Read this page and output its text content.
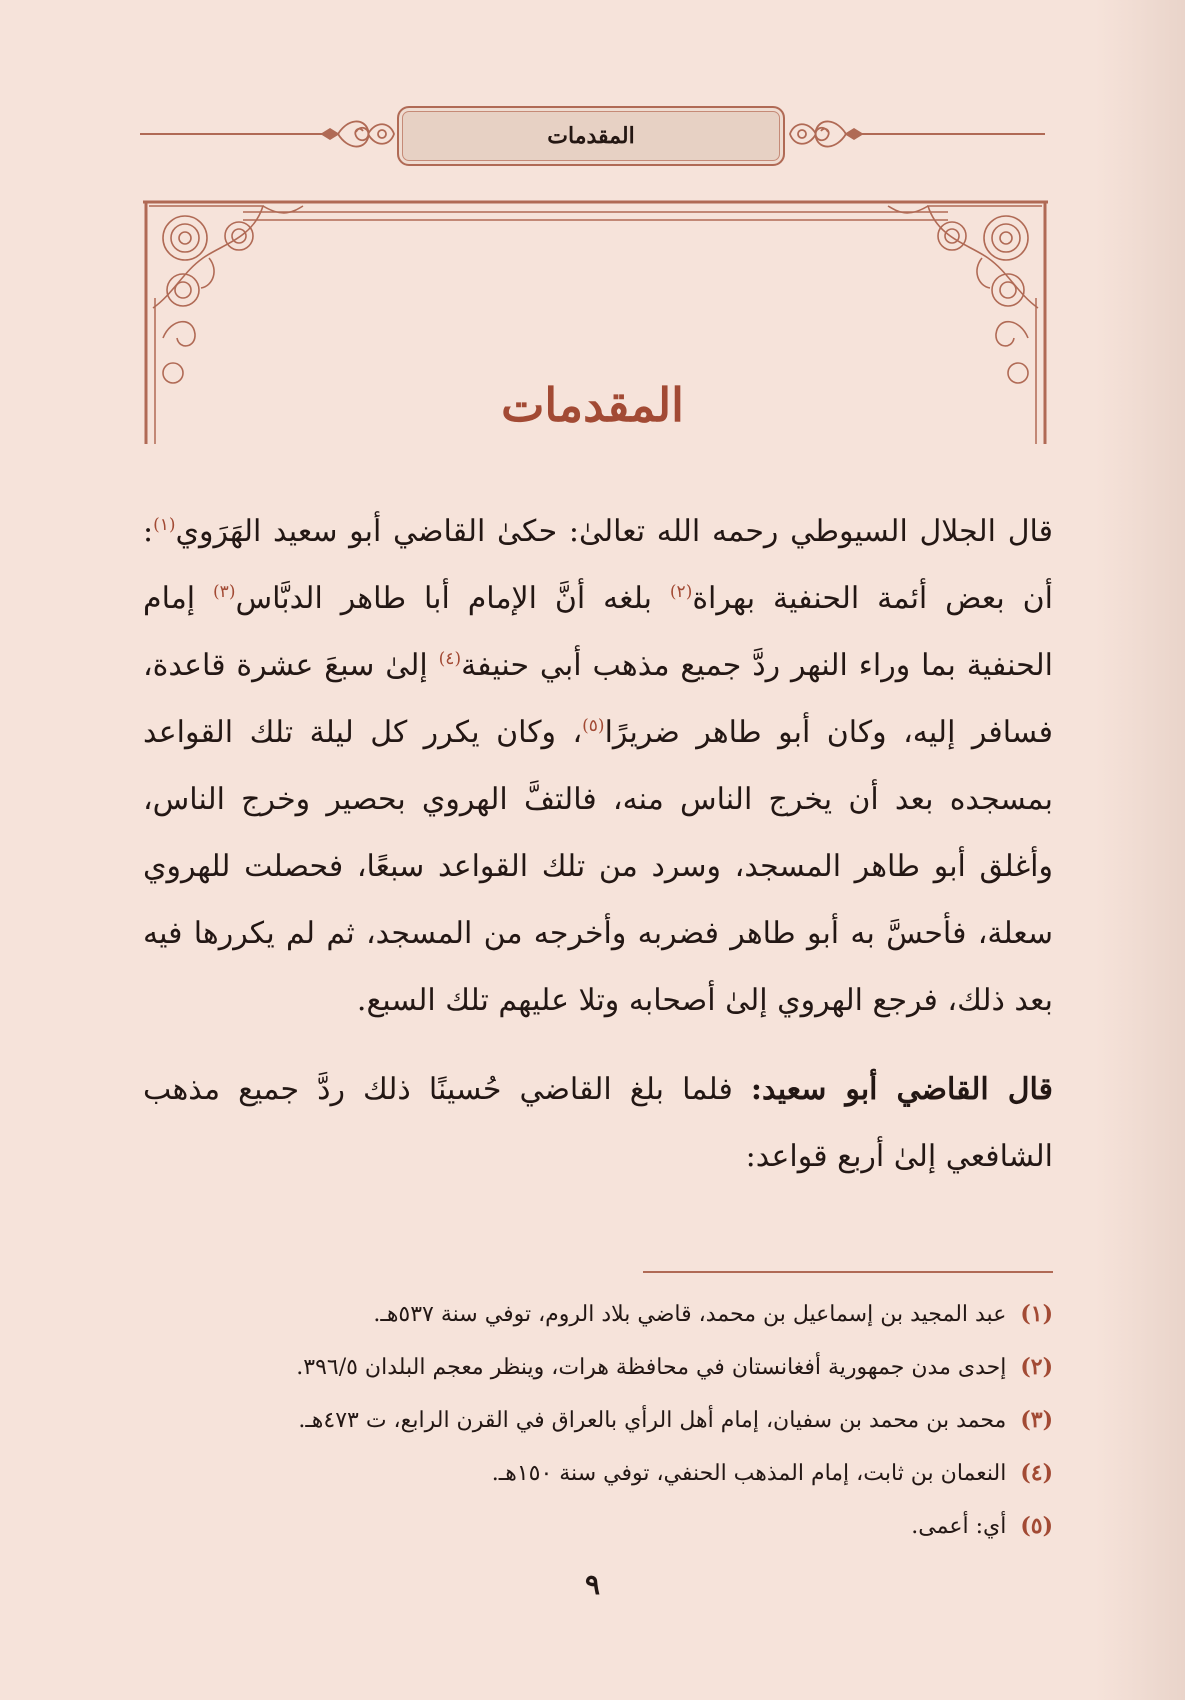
المقدمات
المقدمات

قال الجلال السيوطي رحمه الله تعالىٰ: حكىٰ القاضي أبو سعيد الهَرَوي$^{(١)}$: أن بعض أئمة الحنفية بهراة$^{(٢)}$ بلغه أنَّ الإمام أبا طاهر الدبَّاس$^{(٣)}$ إمام الحنفية بما وراء النهر ردَّ جميع مذهب أبي حنيفة$^{(٤)}$ إلىٰ سبعَ عشرة قاعدة، فسافر إليه، وكان أبو طاهر ضريرًا$^{(٥)}$، وكان يكرر كل ليلة تلك القواعد بمسجده بعد أن يخرج الناس منه، فالتفَّ الهروي بحصير وخرج الناس، وأغلق أبو طاهر المسجد، وسرد من تلك القواعد سبعًا، فحصلت للهروي سعلة، فأحسَّ به أبو طاهر فضربه وأخرجه من المسجد، ثم لم يكررها فيه بعد ذلك، فرجع الهروي إلىٰ أصحابه وتلا عليهم تلك السبع.

قال القاضي أبو سعيد: فلما بلغ القاضي حُسينًا ذلك ردَّ جميع مذهب الشافعي إلىٰ أربع قواعد:

(١)عبد المجيد بن إسماعيل بن محمد، قاضي بلاد الروم، توفي سنة ٥٣٧هـ.
(٢)إحدى مدن جمهورية أفغانستان في محافظة هرات، وينظر معجم البلدان ٣٩٦/٥.
(٣)محمد بن محمد بن سفيان، إمام أهل الرأي بالعراق في القرن الرابع، ت ٤٧٣هـ.
(٤)النعمان بن ثابت، إمام المذهب الحنفي، توفي سنة ١٥٠هـ.
(٥)أي: أعمى.
٩
